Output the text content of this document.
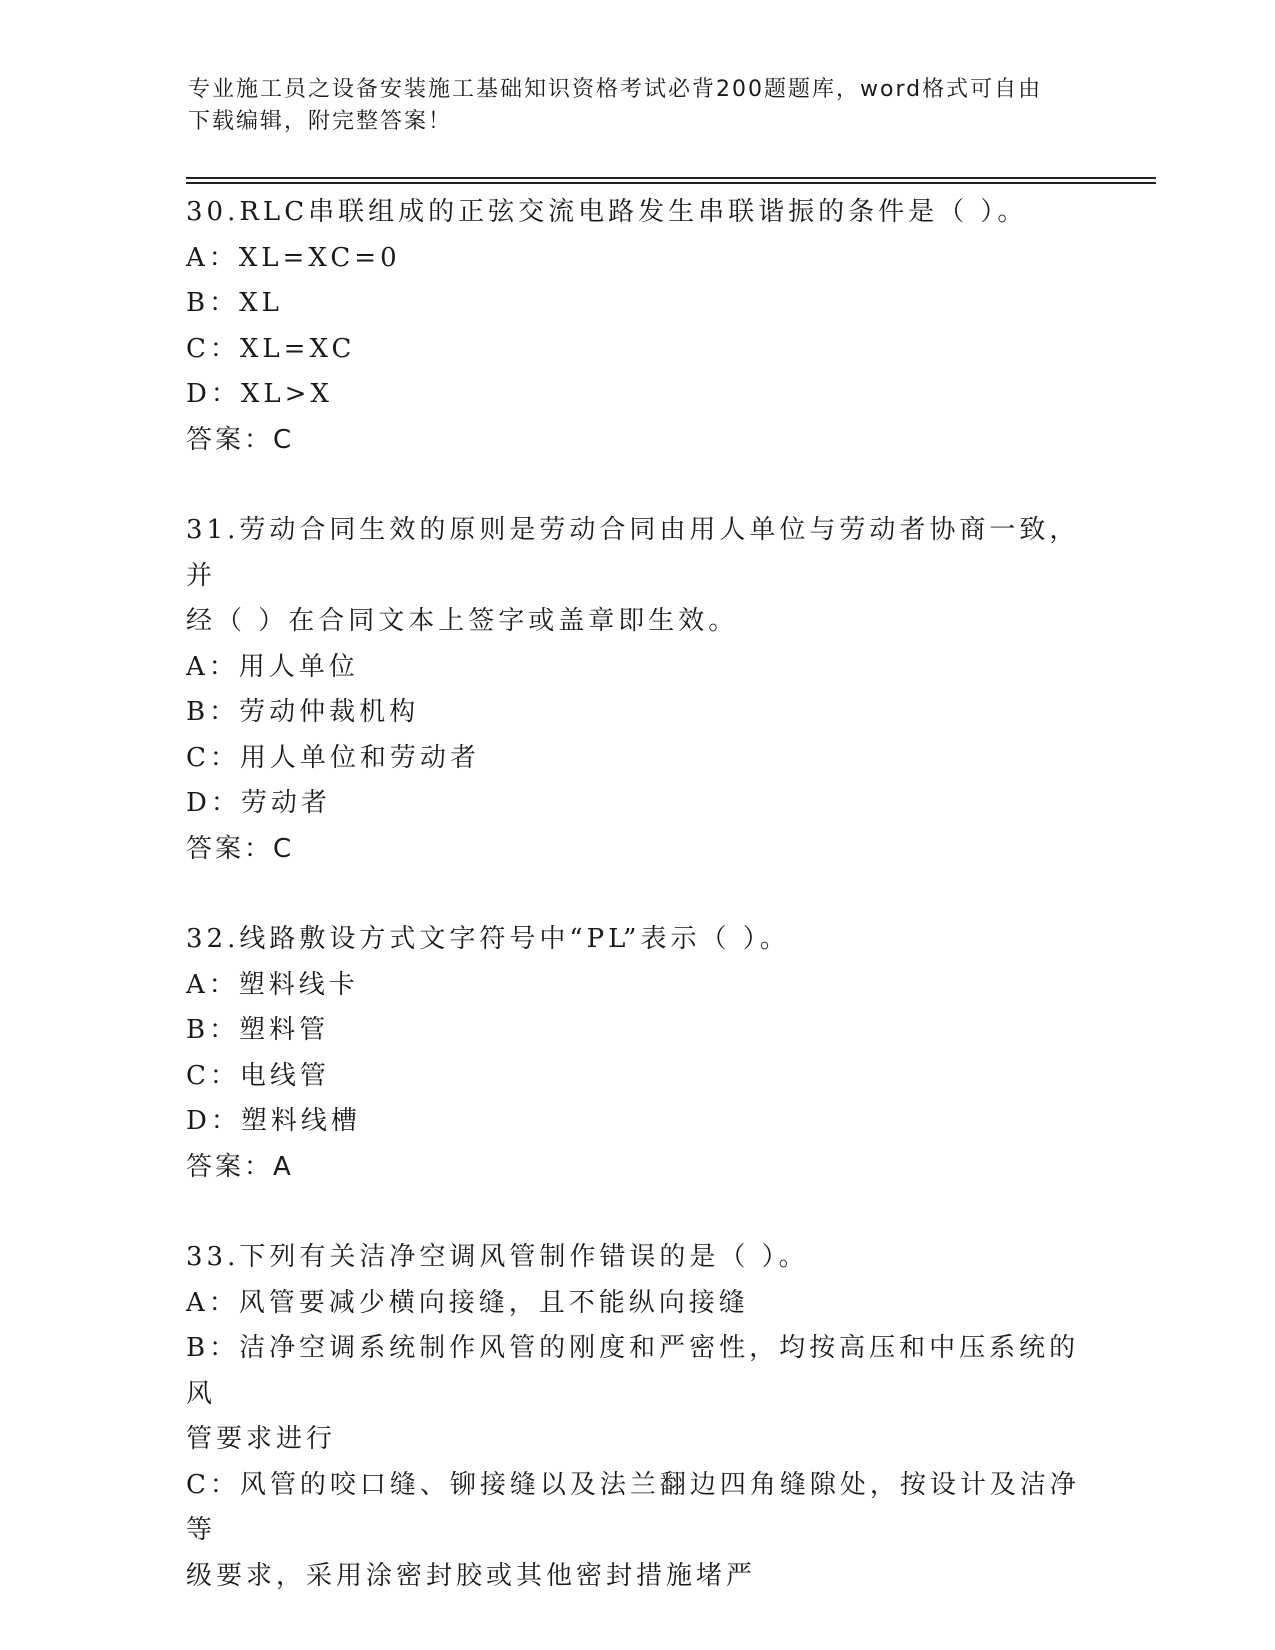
专业施工员之设备安装施工基础知识资格考试必背200题题库，word格式可自由
下载编辑，附完整答案！
30.RLC串联组成的正弦交流电路发生串联谐振的条件是（ ）。
A：XL=XC=0
B：XL
C：XL=XC
D：XL>X
答案：C
31.劳动合同生效的原则是劳动合同由用人单位与劳动者协商一致，并
经（ ）在合同文本上签字或盖章即生效。
A：用人单位
B：劳动仲裁机构
C：用人单位和劳动者
D：劳动者
答案：C
32.线路敷设方式文字符号中“PL”表示（ ）。
A：塑料线卡
B：塑料管
C：电线管
D：塑料线槽
答案：A
33.下列有关洁净空调风管制作错误的是（ ）。
A：风管要减少横向接缝，且不能纵向接缝
B：洁净空调系统制作风管的刚度和严密性，均按高压和中压系统的风
管要求进行
C：风管的咬口缝、铆接缝以及法兰翻边四角缝隙处，按设计及洁净等
级要求，采用涂密封胶或其他密封措施堵严
